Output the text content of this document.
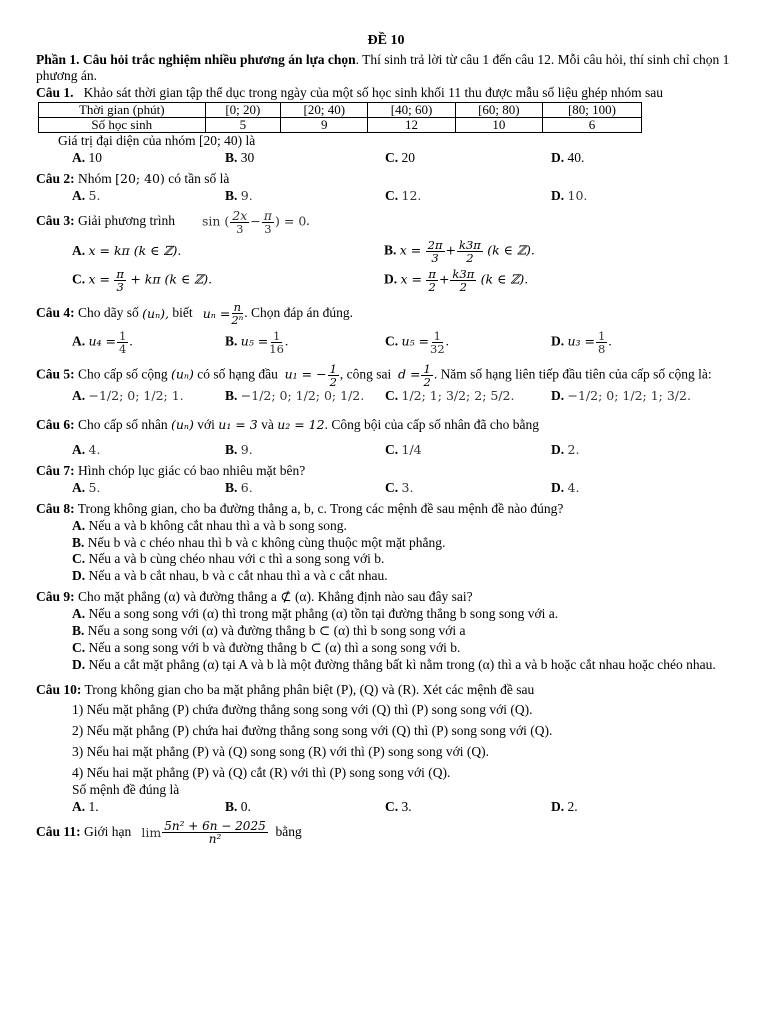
ĐỀ 10

Phần 1. Câu hỏi trắc nghiệm nhiều phương án lựa chọn. Thí sinh trả lời từ câu 1 đến câu 12. Mỗi câu hỏi, thí sinh chỉ chọn 1 phương án.

Câu 1. Khảo sát thời gian tập thể dục trong ngày của một số học sinh khối 11 thu được mẫu số liệu ghép nhóm sau

Thời gian (phút)	[0; 20)	[20; 40)	[40; 60)	[60; 80)	[80; 100)
Số học sinh	5	9	12	10	6

Giá trị đại diện của nhóm [20; 40) là

A. 10	B. 30	C. 20	D. 40.

Câu 2: Nhóm [20; 40) có tần số là

A. 5.	B. 9.	C. 12.	D. 10.
Câu 3:
Giải phương trình
sin ( $\frac{2x}{3} - \frac{\pi}{3}$ ) = 0 .
A. x = kπ (k ∈ ℤ).	B. $x = \frac{2\pi}{3} + \frac{k3\pi}{2} (k$ ∈ ℤ).
C. $x = \frac{\pi}{3} + k\pi$ (k ∈ ℤ).	D. $x = \frac{\pi}{2} + \frac{k3\pi}{2} (k$ ∈ ℤ).
Câu 4:
Cho dãy số
(uₙ),
biết
$u_n = \frac{n}{\text{2ⁿ}}$ . Chọn đáp án đúng.
A. $u_4 = \frac{1}{4}$ .	B. $u_5 = \frac{1}{16}$ .	C. $u_5 = \frac{1}{32}$ .	D. $u_3 = \frac{1}{8}$ .

Câu 5: Cho cấp số cộng (uₙ) có số hạng đầu u₁ = − $\frac{1}{2}$ , công sai $d = \frac{1}{2}$ . Năm số hạng liên tiếp đầu tiên của cấp số cộng là:

A. −1/2; 0; 1/2; 1.	B. −1/2; 0; 1/2; 0; 1/2.	C. 1/2; 1; 3/2; 2; 5/2.	D. −1/2; 0; 1/2; 1; 3/2.

Câu 6: Cho cấp số nhân (uₙ) với u₁ = 3 và u₂ = 12. Công bội của cấp số nhân đã cho bằng

A. 4.	B. 9.	C. 1/4	D. 2.

Câu 7: Hình chóp lục giác có bao nhiêu mặt bên?

A. 5.	B. 6.	C. 3.	D. 4.

Câu 8: Trong không gian, cho ba đường thẳng a, b, c. Trong các mệnh đề sau mệnh đề nào đúng?

A. Nếu a và b không cắt nhau thì a và b song song.

B. Nếu b và c chéo nhau thì b và c không cùng thuộc một mặt phẳng.

C. Nếu a và b cùng chéo nhau với c thì a song song với b.

D. Nếu a và b cắt nhau, b và c cắt nhau thì a và c cắt nhau.

Câu 9: Cho mặt phẳng (α) và đường thẳng a ⊄ (α). Khẳng định nào sau đây sai?

A. Nếu a song song với (α) thì trong mặt phẳng (α) tồn tại đường thẳng b song song với a.

B. Nếu a song song với (α) và đường thẳng b ⊂ (α) thì b song song với a

C. Nếu a song song với b và đường thẳng b ⊂ (α) thì a song song với b.

D. Nếu a cắt mặt phẳng (α) tại A và b là một đường thẳng bất kì nằm trong (α) thì a và b hoặc cắt nhau hoặc chéo nhau.

Câu 10: Trong không gian cho ba mặt phẳng phân biệt (P), (Q) và (R). Xét các mệnh đề sau

1) Nếu mặt phẳng (P) chứa đường thẳng song song với (Q) thì (P) song song với (Q).

2) Nếu mặt phẳng (P) chứa hai đường thẳng song song với (Q) thì (P) song song với (Q).

3) Nếu hai mặt phẳng (P) và (Q) song song (R) với thì (P) song song với (Q).

4) Nếu hai mặt phẳng (P) và (Q) cắt (R) với thì (P) song song với (Q).

Số mệnh đề đúng là

A. 1.	B. 0.	C. 3.	D. 2.
Câu 11:
Giới hạn
$\lim \frac{\text{5n² + 6n − 2025}}{\text{n²}}$
bằng
